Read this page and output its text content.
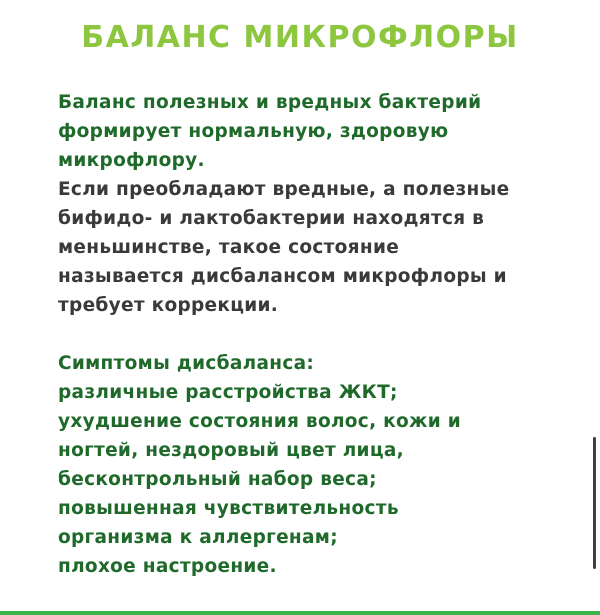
БАЛАНС МИКРОФЛОРЫ
Баланс полезных и вредных бактерий
формирует нормальную, здоровую
микрофлору.
Если преобладают вредные, а полезные
бифидо- и лактобактерии находятся в
меньшинстве, такое состояние
называется дисбалансом микрофлоры и
требует коррекции.
Симптомы дисбаланса:
различные расстройства ЖКТ;
ухудшение состояния волос, кожи и
ногтей, нездоровый цвет лица,
бесконтрольный набор веса;
повышенная чувствительность
организма к аллергенам;
плохое настроение.
